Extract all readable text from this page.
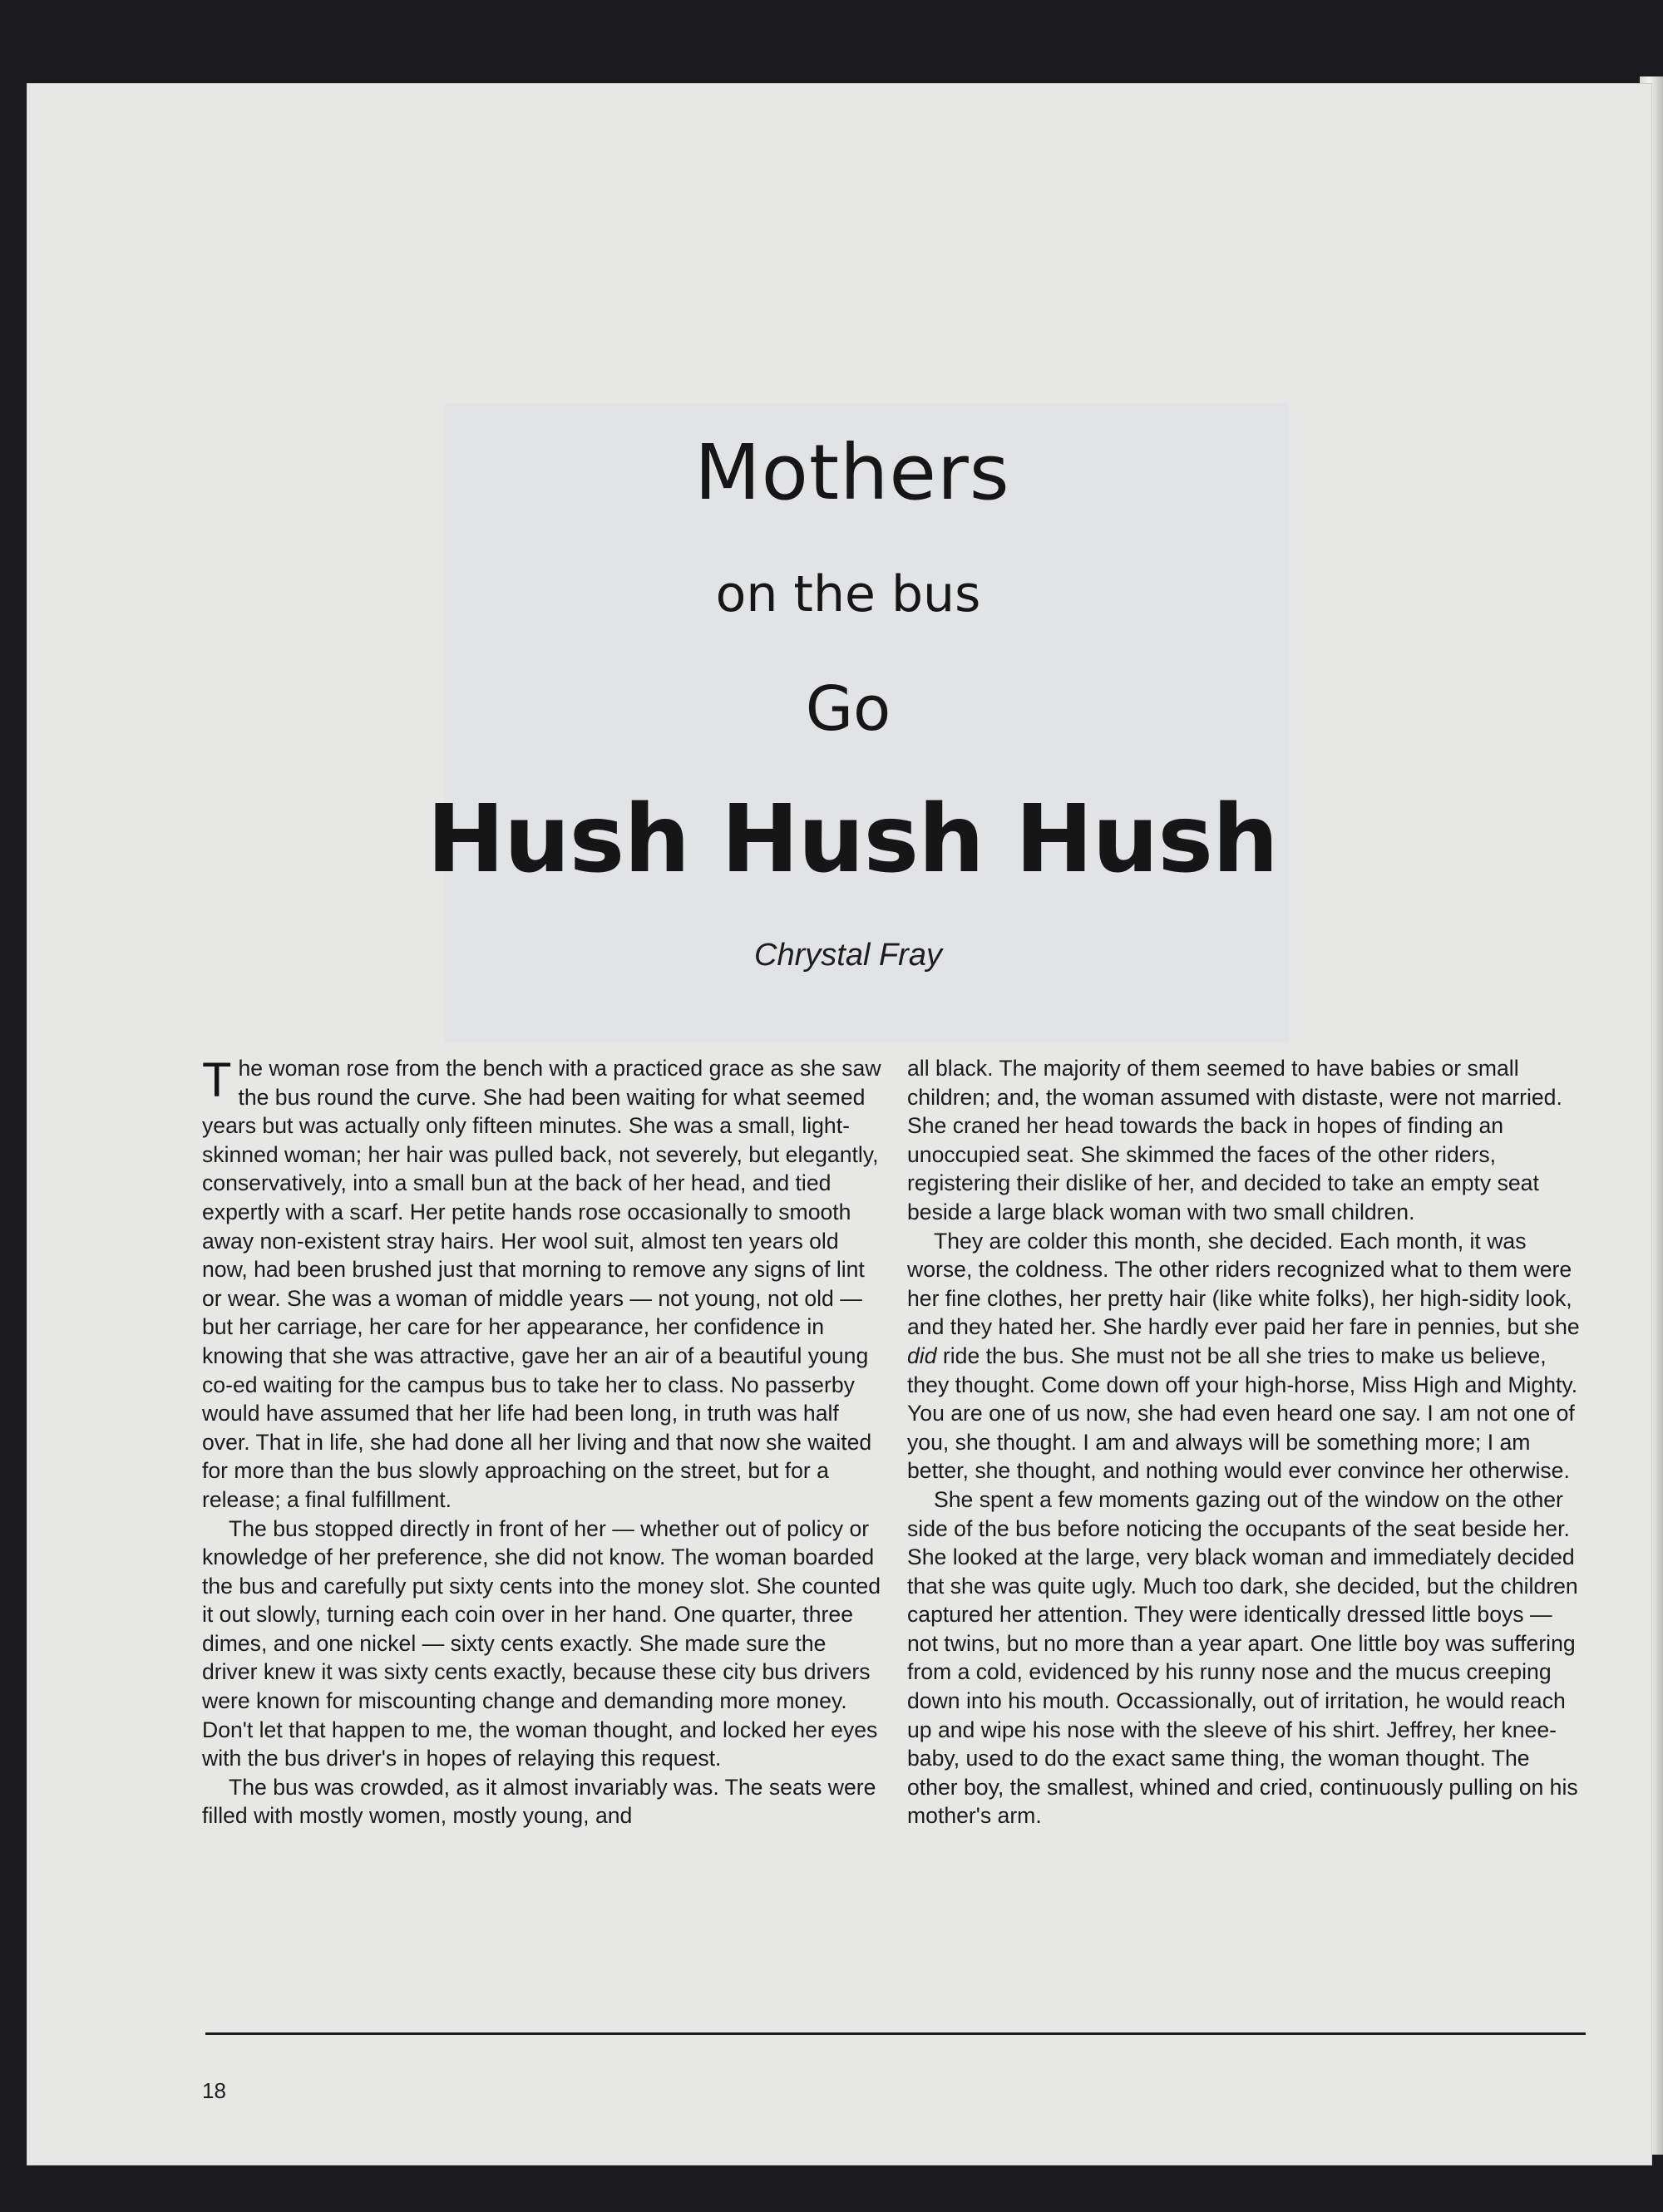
Mothers
on the bus
Go
Hush Hush Hush
Chrystal Fray

The woman rose from the bench with a practiced grace as she saw the bus round the curve. She had been waiting for what seemed years but was actually only fifteen minutes. She was a small, light-skinned woman; her hair was pulled back, not severely, but elegantly, conservatively, into a small bun at the back of her head, and tied expertly with a scarf. Her petite hands rose occasionally to smooth away non-existent stray hairs. Her wool suit, almost ten years old now, had been brushed just that morning to remove any signs of lint or wear. She was a woman of middle years — not young, not old — but her carriage, her care for her appearance, her confidence in knowing that she was attractive, gave her an air of a beautiful young co-ed waiting for the campus bus to take her to class. No passerby would have assumed that her life had been long, in truth was half over. That in life, she had done all her living and that now she waited for more than the bus slowly approaching on the street, but for a release; a final fulfillment.

The bus stopped directly in front of her — whether out of policy or knowledge of her preference, she did not know. The woman boarded the bus and carefully put sixty cents into the money slot. She counted it out slowly, turning each coin over in her hand. One quarter, three dimes, and one nickel — sixty cents exactly. She made sure the driver knew it was sixty cents exactly, because these city bus drivers were known for miscounting change and demanding more money. Don't let that happen to me, the woman thought, and locked her eyes with the bus driver's in hopes of relaying this request.

The bus was crowded, as it almost invariably was. The seats were filled with mostly women, mostly young, and

all black. The majority of them seemed to have babies or small children; and, the woman assumed with distaste, were not married. She craned her head towards the back in hopes of finding an unoccupied seat. She skimmed the faces of the other riders, registering their dislike of her, and decided to take an empty seat beside a large black woman with two small children.

They are colder this month, she decided. Each month, it was worse, the coldness. The other riders recognized what to them were her fine clothes, her pretty hair (like white folks), her high-sidity look, and they hated her. She hardly ever paid her fare in pennies, but she did ride the bus. She must not be all she tries to make us believe, they thought. Come down off your high-horse, Miss High and Mighty. You are one of us now, she had even heard one say. I am not one of you, she thought. I am and always will be something more; I am better, she thought, and nothing would ever convince her otherwise.

She spent a few moments gazing out of the window on the other side of the bus before noticing the occupants of the seat beside her. She looked at the large, very black woman and immediately decided that she was quite ugly. Much too dark, she decided, but the children captured her attention. They were identically dressed little boys — not twins, but no more than a year apart. One little boy was suffering from a cold, evidenced by his runny nose and the mucus creeping down into his mouth. Occassionally, out of irritation, he would reach up and wipe his nose with the sleeve of his shirt. Jeffrey, her knee-baby, used to do the exact same thing, the woman thought. The other boy, the smallest, whined and cried, continuously pulling on his mother's arm.

18
